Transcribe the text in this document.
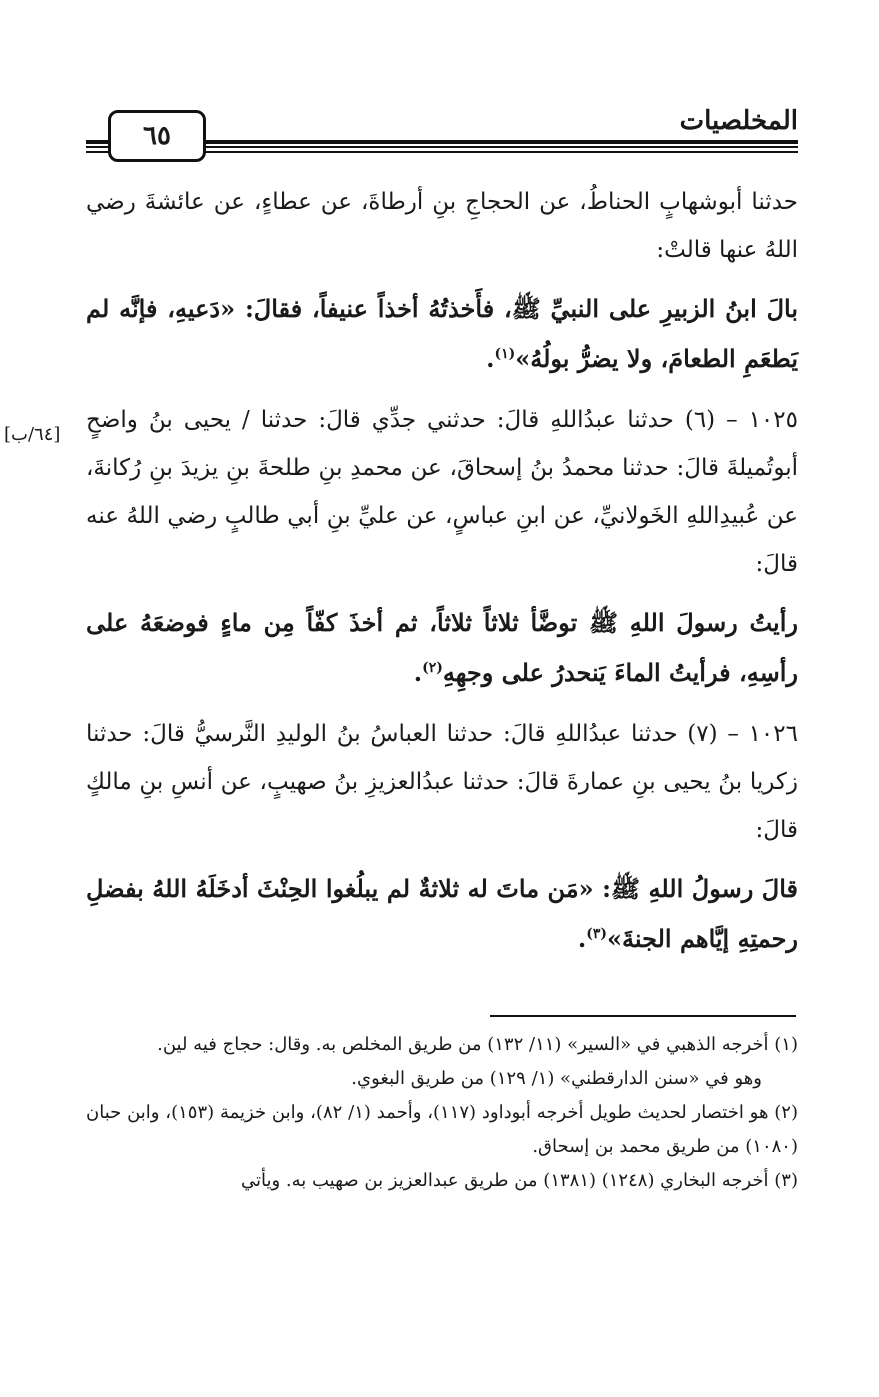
٦٥	المخلصيات
[٦٤/ب]

حدثنا أبوشهابٍ الحناطُ، عن الحجاجِ بنِ أرطاةَ، عن عطاءٍ، عن عائشةَ رضي اللهُ عنها قالتْ:

بالَ ابنُ الزبيرِ على النبيِّ ﷺ، فأَخذتُهُ أخذاً عنيفاً، فقالَ: «دَعيهِ، فإنَّه لم يَطعَمِ الطعامَ، ولا يضرُّ بولُهُ»$^{(١)}$.

١٠٢٥ – (٦) حدثنا عبدُاللهِ قالَ: حدثني جدِّي قالَ: حدثنا / يحيى بنُ واضحٍ أبوتُميلةَ قالَ: حدثنا محمدُ بنُ إسحاقَ، عن محمدِ بنِ طلحةَ بنِ يزيدَ بنِ رُكانةَ، عن عُبيدِاللهِ الخَولانيِّ، عن ابنِ عباسٍ، عن عليِّ بنِ أبي طالبٍ رضي اللهُ عنه قالَ:

رأيتُ رسولَ اللهِ ﷺ توضَّأ ثلاثاً ثلاثاً، ثم أخذَ كفّاً مِن ماءٍ فوضعَهُ على رأسِهِ، فرأيتُ الماءَ يَنحدرُ على وجهِهِ$^{(٢)}$.

١٠٢٦ – (٧) حدثنا عبدُاللهِ قالَ: حدثنا العباسُ بنُ الوليدِ النَّرسيُّ قالَ: حدثنا زكريا بنُ يحيى بنِ عمارةَ قالَ: حدثنا عبدُالعزيزِ بنُ صهيبٍ، عن أنسِ بنِ مالكٍ قالَ:

قالَ رسولُ اللهِ ﷺ: «مَن ماتَ له ثلاثةٌ لم يبلُغوا الحِنْثَ أدخَلَهُ اللهُ بفضلِ رحمتِهِ إيَّاهم الجنةَ»$^{(٣)}$.

(١) أخرجه الذهبي في «السير» (١١/ ١٣٢) من طريق المخلص به. وقال: حجاج فيه لين.

وهو في «سنن الدارقطني» (١/ ١٢٩) من طريق البغوي.

(٢) هو اختصار لحديث طويل أخرجه أبوداود (١١٧)، وأحمد (١/ ٨٢)، وابن خزيمة (١٥٣)، وابن حبان (١٠٨٠) من طريق محمد بن إسحاق.

(٣) أخرجه البخاري (١٢٤٨) (١٣٨١) من طريق عبدالعزيز بن صهيب به. ويأتي
